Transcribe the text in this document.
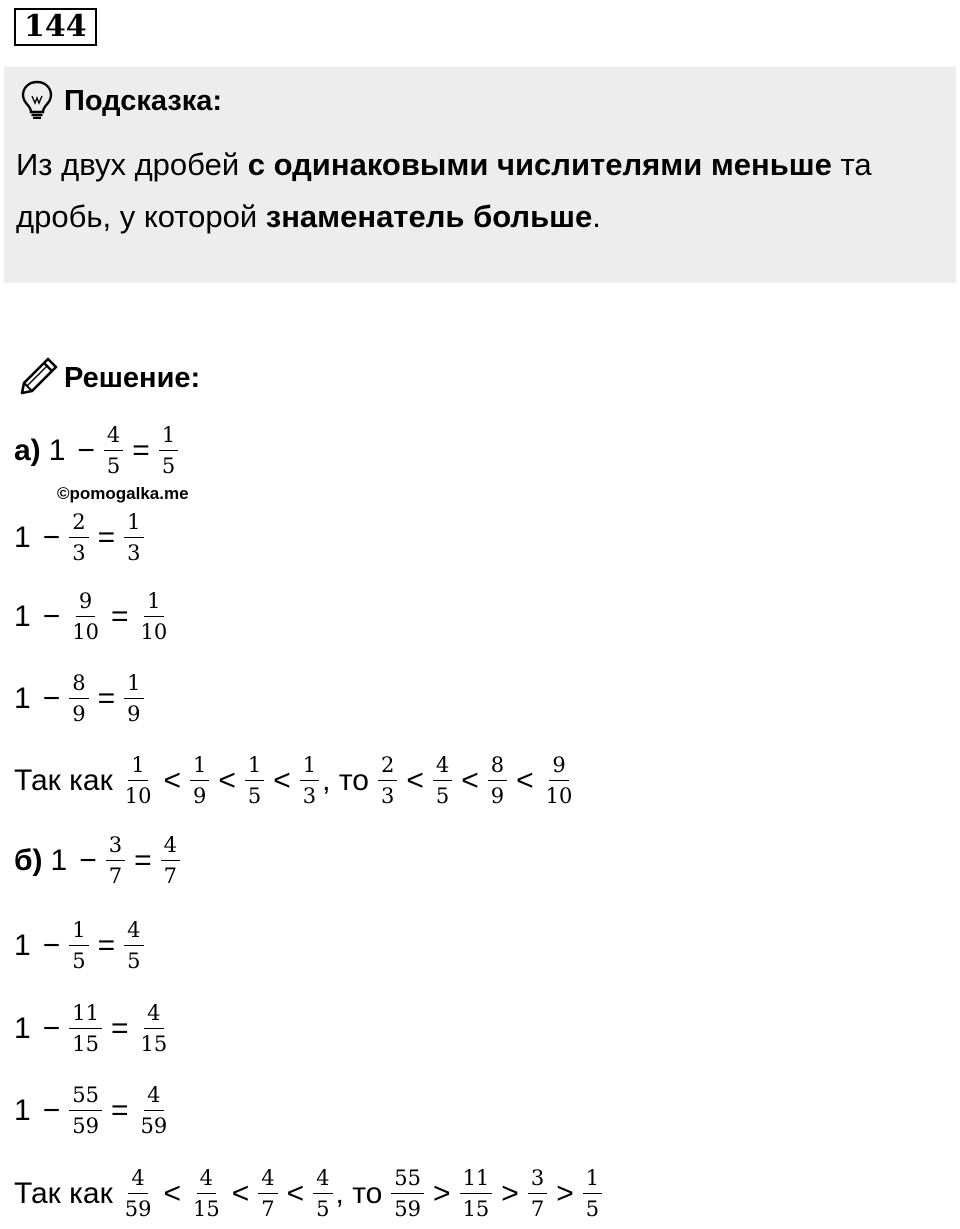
144
Подсказка:
Из двух дробей с одинаковыми числителями меньше та дробь, у которой знаменатель больше.
Решение:
©pomogalka.me
а) $1 - \frac{4}{5} = \frac{1}{5}$
$1 - \frac{2}{3} = \frac{1}{3}$
$1 - \frac{9}{10} = \frac{1}{10}$
$1 - \frac{8}{9} = \frac{1}{9}$
Так как $\frac{1}{10} < \frac{1}{9} < \frac{1}{5} < \frac{1}{3}$ , то $\frac{2}{3} < \frac{4}{5} < \frac{8}{9} < \frac{9}{10}$
б) $1 - \frac{3}{7} = \frac{4}{7}$
$1 - \frac{1}{5} = \frac{4}{5}$
$1 - \frac{11}{15} = \frac{4}{15}$
$1 - \frac{55}{59} = \frac{4}{59}$
Так как $\frac{4}{59} < \frac{4}{15} < \frac{4}{7} < \frac{4}{5}$ , то $\frac{55}{59} > \frac{11}{15} > \frac{3}{7} > \frac{1}{5}$
